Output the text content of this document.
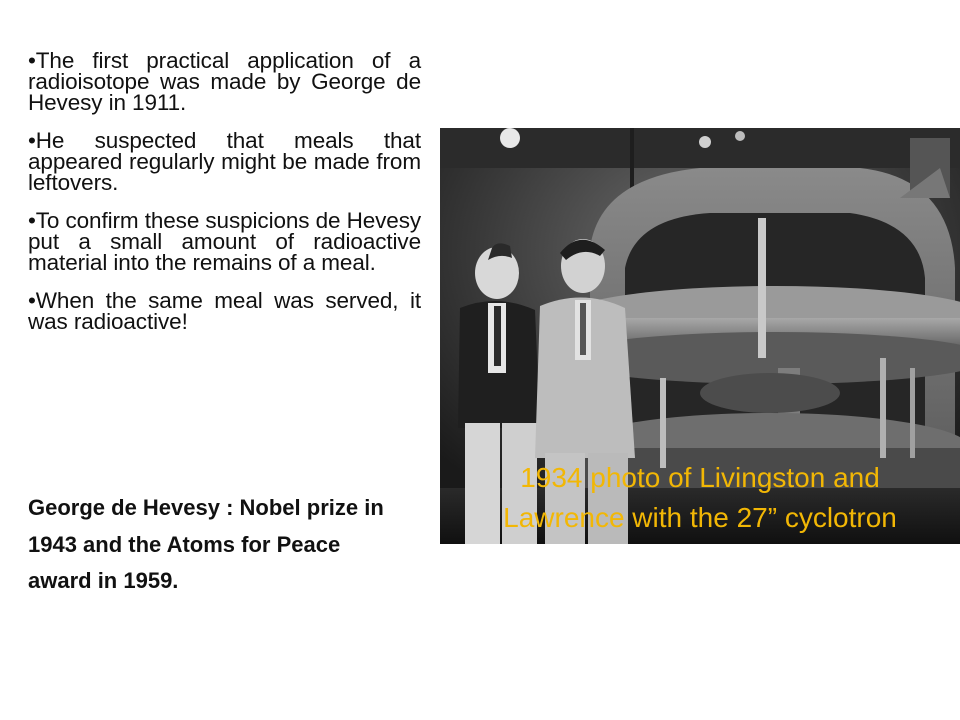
•The first practical application of a radioisotope was made by George de Hevesy in 1911.

•He suspected that meals that appeared regularly might be made from leftovers.

•To confirm these suspicions de Hevesy put a small amount of radioactive material into the remains of a meal.

•When the same meal was served, it was radioactive!

George de Hevesy : Nobel prize in 1943 and the Atoms for Peace award in 1959.
1934 photo of Livingston and
Lawrence with the 27” cyclotron
